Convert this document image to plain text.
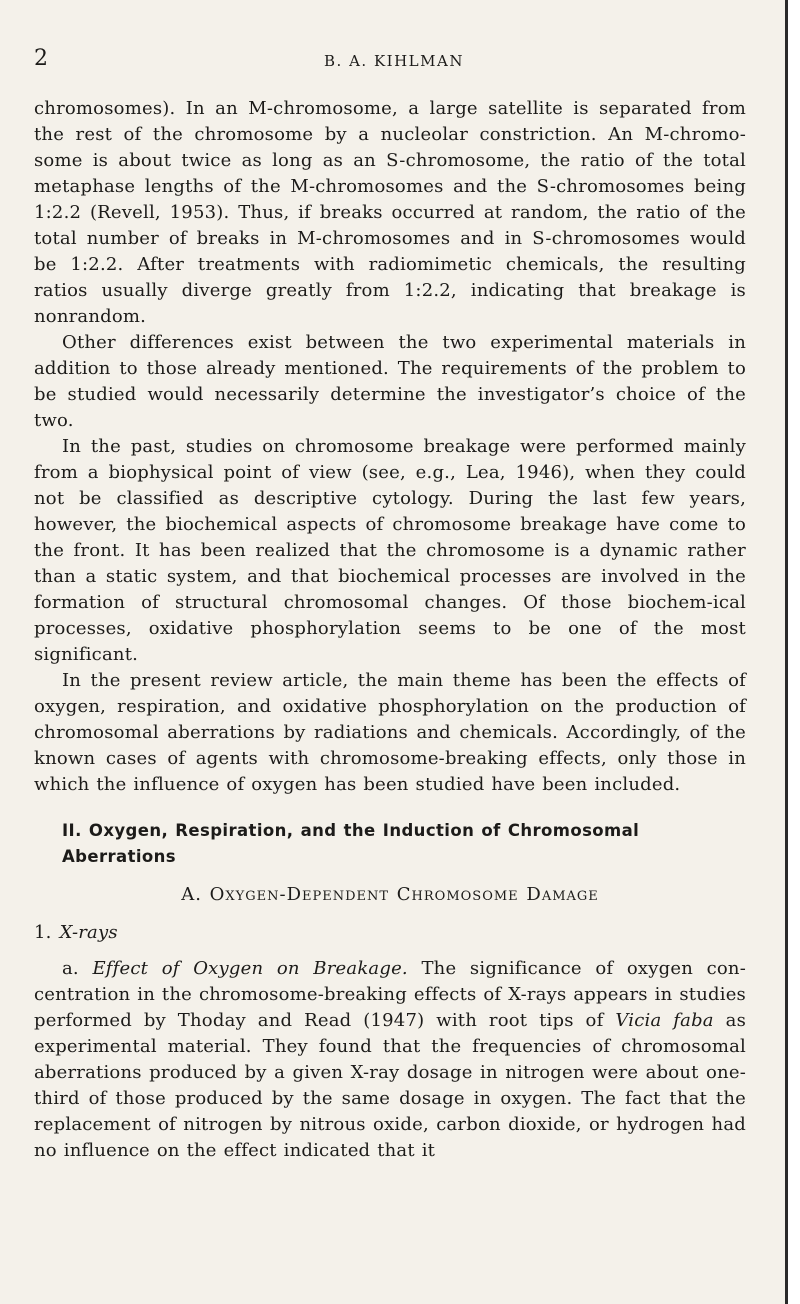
2	B. A. KIHLMAN

chromosomes). In an M-chromosome, a large satellite is separated from the rest of the chromosome by a nucleolar constriction. An M-chromo-some is about twice as long as an S-chromosome, the ratio of the total metaphase lengths of the M-chromosomes and the S-chromosomes being 1:2.2 (Revell, 1953). Thus, if breaks occurred at random, the ratio of the total number of breaks in M-chromosomes and in S-chromosomes would be 1:2.2. After treatments with radiomimetic chemicals, the resulting ratios usually diverge greatly from 1:2.2, indicating that breakage is nonrandom.

Other differences exist between the two experimental materials in addition to those already mentioned. The requirements of the problem to be studied would necessarily determine the investigator’s choice of the two.

In the past, studies on chromosome breakage were performed mainly from a biophysical point of view (see, e.g., Lea, 1946), when they could not be classified as descriptive cytology. During the last few years, however, the biochemical aspects of chromosome breakage have come to the front. It has been realized that the chromosome is a dynamic rather than a static system, and that biochemical processes are involved in the formation of structural chromosomal changes. Of those biochem-ical processes, oxidative phosphorylation seems to be one of the most significant.

In the present review article, the main theme has been the effects of oxygen, respiration, and oxidative phosphorylation on the production of chromosomal aberrations by radiations and chemicals. Accordingly, of the known cases of agents with chromosome-breaking effects, only those in which the influence of oxygen has been studied have been included.

II. Oxygen, Respiration, and the Induction of Chromosomal Aberrations
A. Oxygen-Dependent Chromosome Damage
1. X-rays

a. Effect of Oxygen on Breakage. The significance of oxygen con-centration in the chromosome-breaking effects of X-rays appears in studies performed by Thoday and Read (1947) with root tips of Vicia faba as experimental material. They found that the frequencies of chromosomal aberrations produced by a given X-ray dosage in nitrogen were about one-third of those produced by the same dosage in oxygen. The fact that the replacement of nitrogen by nitrous oxide, carbon dioxide, or hydrogen had no influence on the effect indicated that it
